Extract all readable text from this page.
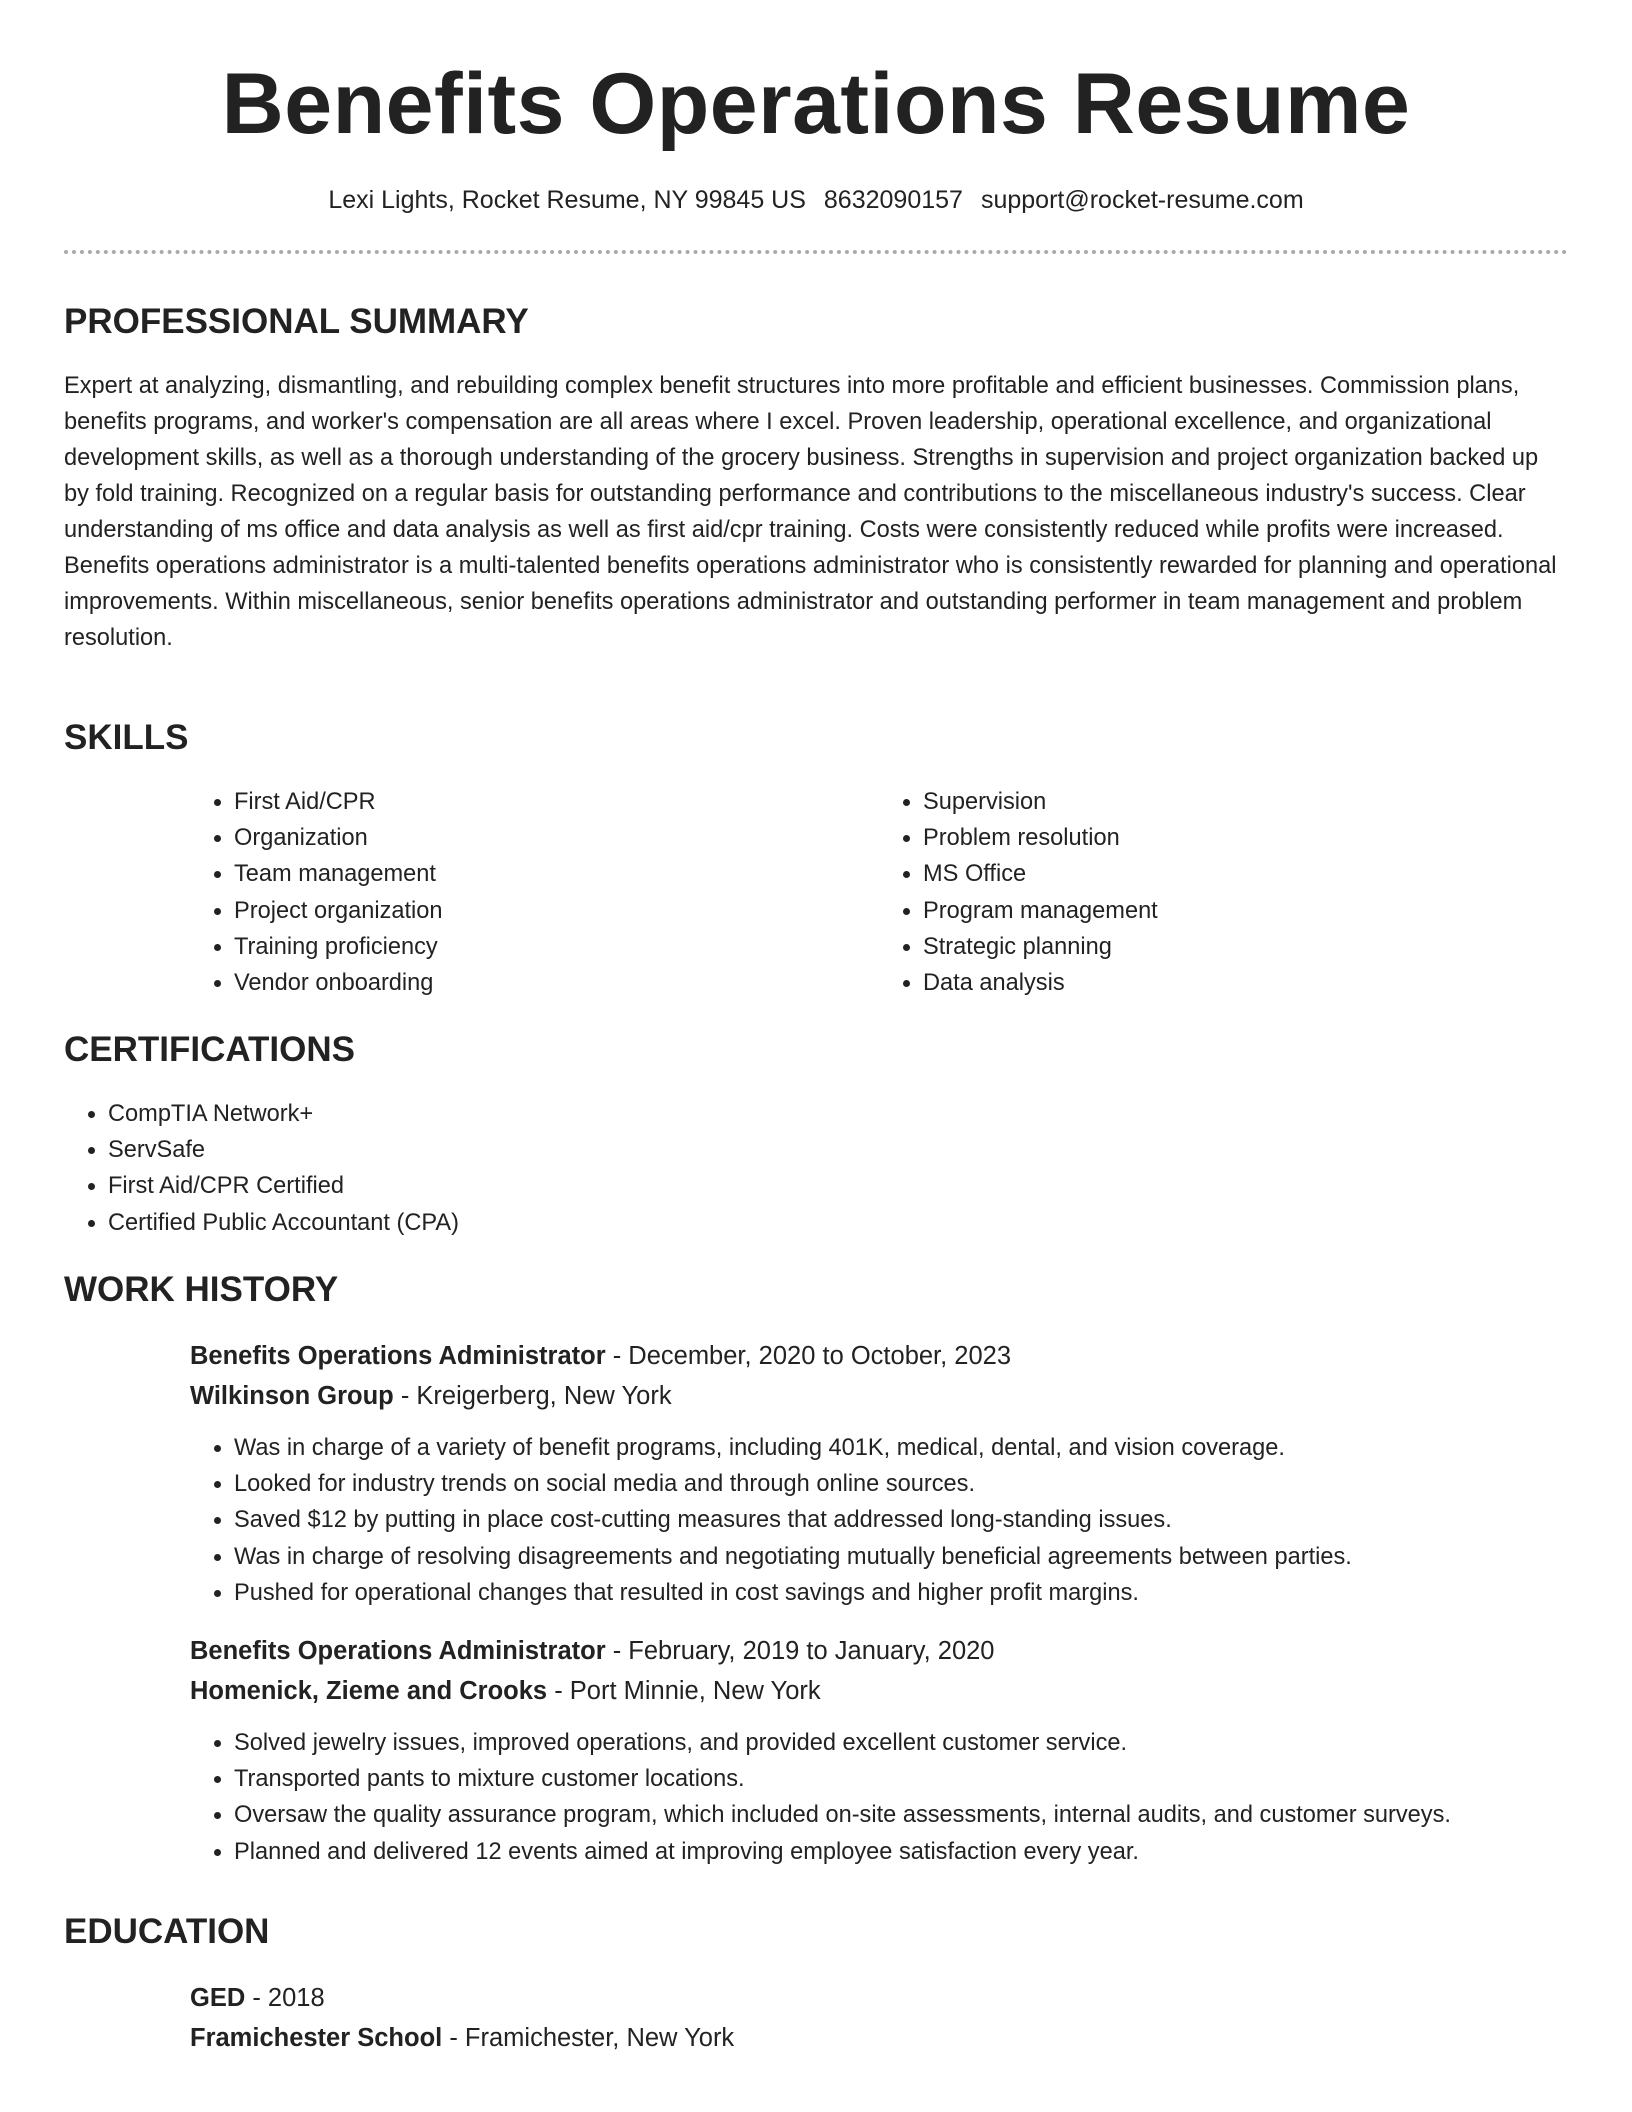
Benefits Operations Resume
Lexi Lights, Rocket Resume, NY 99845 US 8632090157 support@rocket-resume.com
PROFESSIONAL SUMMARY

Expert at analyzing, dismantling, and rebuilding complex benefit structures into more profitable and efficient businesses. Commission plans, benefits programs, and worker's compensation are all areas where I excel. Proven leadership, operational excellence, and organizational development skills, as well as a thorough understanding of the grocery business. Strengths in supervision and project organization backed up by fold training. Recognized on a regular basis for outstanding performance and contributions to the miscellaneous industry's success. Clear understanding of ms office and data analysis as well as first aid/cpr training. Costs were consistently reduced while profits were increased. Benefits operations administrator is a multi-talented benefits operations administrator who is consistently rewarded for planning and operational improvements. Within miscellaneous, senior benefits operations administrator and outstanding performer in team management and problem resolution.

SKILLS
• First Aid/CPR
• Organization
• Team management
• Project organization
• Training proficiency
• Vendor onboarding
• Supervision
• Problem resolution
• MS Office
• Program management
• Strategic planning
• Data analysis
CERTIFICATIONS
• CompTIA Network+
• ServSafe
• First Aid/CPR Certified
• Certified Public Accountant (CPA)
WORK HISTORY

Benefits Operations Administrator - December, 2020 to October, 2023

Wilkinson Group - Kreigerberg, New York

• Was in charge of a variety of benefit programs, including 401K, medical, dental, and vision coverage.
• Looked for industry trends on social media and through online sources.
• Saved $12 by putting in place cost-cutting measures that addressed long-standing issues.
• Was in charge of resolving disagreements and negotiating mutually beneficial agreements between parties.
• Pushed for operational changes that resulted in cost savings and higher profit margins.

Benefits Operations Administrator - February, 2019 to January, 2020

Homenick, Zieme and Crooks - Port Minnie, New York

• Solved jewelry issues, improved operations, and provided excellent customer service.
• Transported pants to mixture customer locations.
• Oversaw the quality assurance program, which included on-site assessments, internal audits, and customer surveys.
• Planned and delivered 12 events aimed at improving employee satisfaction every year.
EDUCATION

GED - 2018

Framichester School - Framichester, New York
